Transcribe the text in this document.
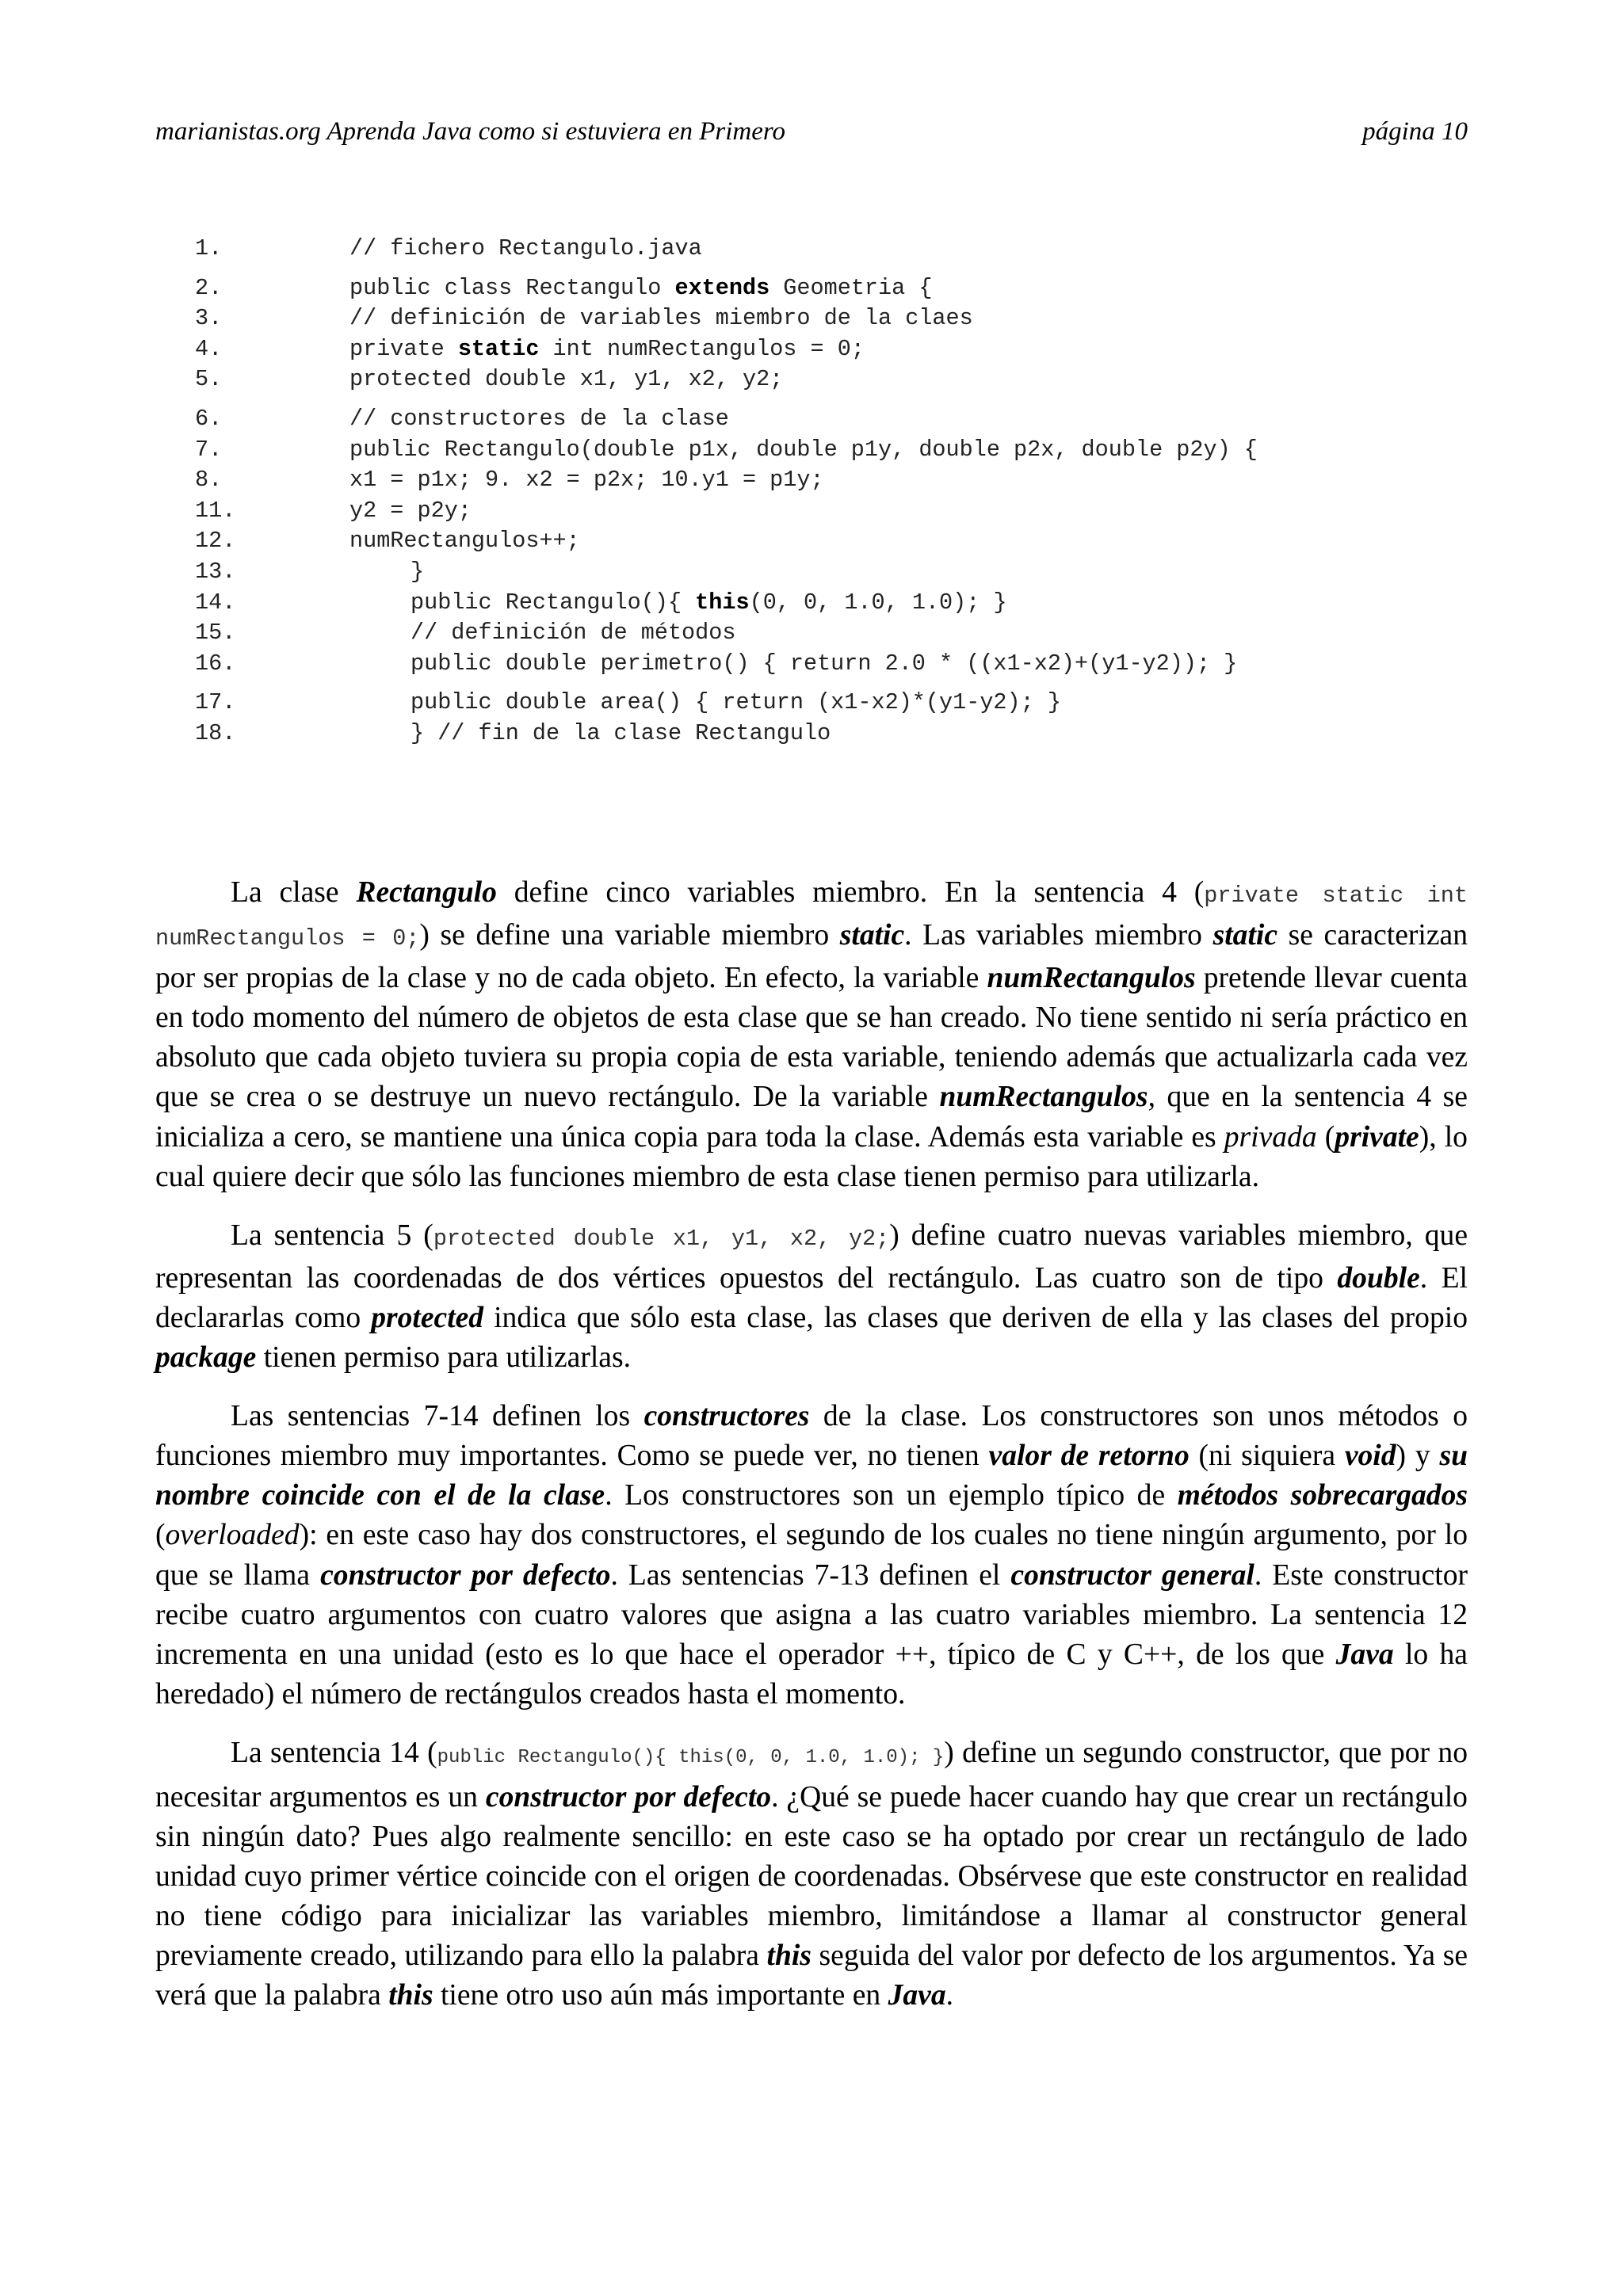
marianistas.org Aprenda Java como si estuviera en Primero	página 10
1.	// fichero Rectangulo.java
2.	public class Rectangulo extends Geometria {
3.	// definición de variables miembro de la claes
4.	private static int numRectangulos = 0;
5.	protected double x1, y1, x2, y2;
6.	// constructores de la clase
7.	public Rectangulo(double p1x, double p1y, double p2x, double p2y) {
8.	x1 = p1x; 9. x2 = p2x; 10.y1 = p1y;
11.	y2 = p2y;
12.	numRectangulos++;
13.	}
14.	public Rectangulo(){ this(0, 0, 1.0, 1.0); }
15.	// definición de métodos
16.	public double perimetro() { return 2.0 * ((x1-x2)+(y1-y2)); }
17.	public double area() { return (x1-x2)*(y1-y2); }
18.	} // fin de la clase Rectangulo

La clase Rectangulo define cinco variables miembro. En la sentencia 4 (private static int numRectangulos = 0;) se define una variable miembro static. Las variables miembro static se caracterizan por ser propias de la clase y no de cada objeto. En efecto, la variable numRectangulos pretende llevar cuenta en todo momento del número de objetos de esta clase que se han creado. No tiene sentido ni sería práctico en absoluto que cada objeto tuviera su propia copia de esta variable, teniendo además que actualizarla cada vez que se crea o se destruye un nuevo rectángulo. De la variable numRectangulos, que en la sentencia 4 se inicializa a cero, se mantiene una única copia para toda la clase. Además esta variable es privada (private), lo cual quiere decir que sólo las funciones miembro de esta clase tienen permiso para utilizarla.

La sentencia 5 (protected double x1, y1, x2, y2;) define cuatro nuevas variables miembro, que representan las coordenadas de dos vértices opuestos del rectángulo. Las cuatro son de tipo double. El declararlas como protected indica que sólo esta clase, las clases que deriven de ella y las clases del propio package tienen permiso para utilizarlas.

Las sentencias 7-14 definen los constructores de la clase. Los constructores son unos métodos o funciones miembro muy importantes. Como se puede ver, no tienen valor de retorno (ni siquiera void) y su nombre coincide con el de la clase. Los constructores son un ejemplo típico de métodos sobrecargados (overloaded): en este caso hay dos constructores, el segundo de los cuales no tiene ningún argumento, por lo que se llama constructor por defecto. Las sentencias 7-13 definen el constructor general. Este constructor recibe cuatro argumentos con cuatro valores que asigna a las cuatro variables miembro. La sentencia 12 incrementa en una unidad (esto es lo que hace el operador ++, típico de C y C++, de los que Java lo ha heredado) el número de rectángulos creados hasta el momento.

La sentencia 14 (public Rectangulo(){ this(0, 0, 1.0, 1.0); }) define un segundo constructor, que por no necesitar argumentos es un constructor por defecto. ¿Qué se puede hacer cuando hay que crear un rectángulo sin ningún dato? Pues algo realmente sencillo: en este caso se ha optado por crear un rectángulo de lado unidad cuyo primer vértice coincide con el origen de coordenadas. Obsérvese que este constructor en realidad no tiene código para inicializar las variables miembro, limitándose a llamar al constructor general previamente creado, utilizando para ello la palabra this seguida del valor por defecto de los argumentos. Ya se verá que la palabra this tiene otro uso aún más importante en Java.
